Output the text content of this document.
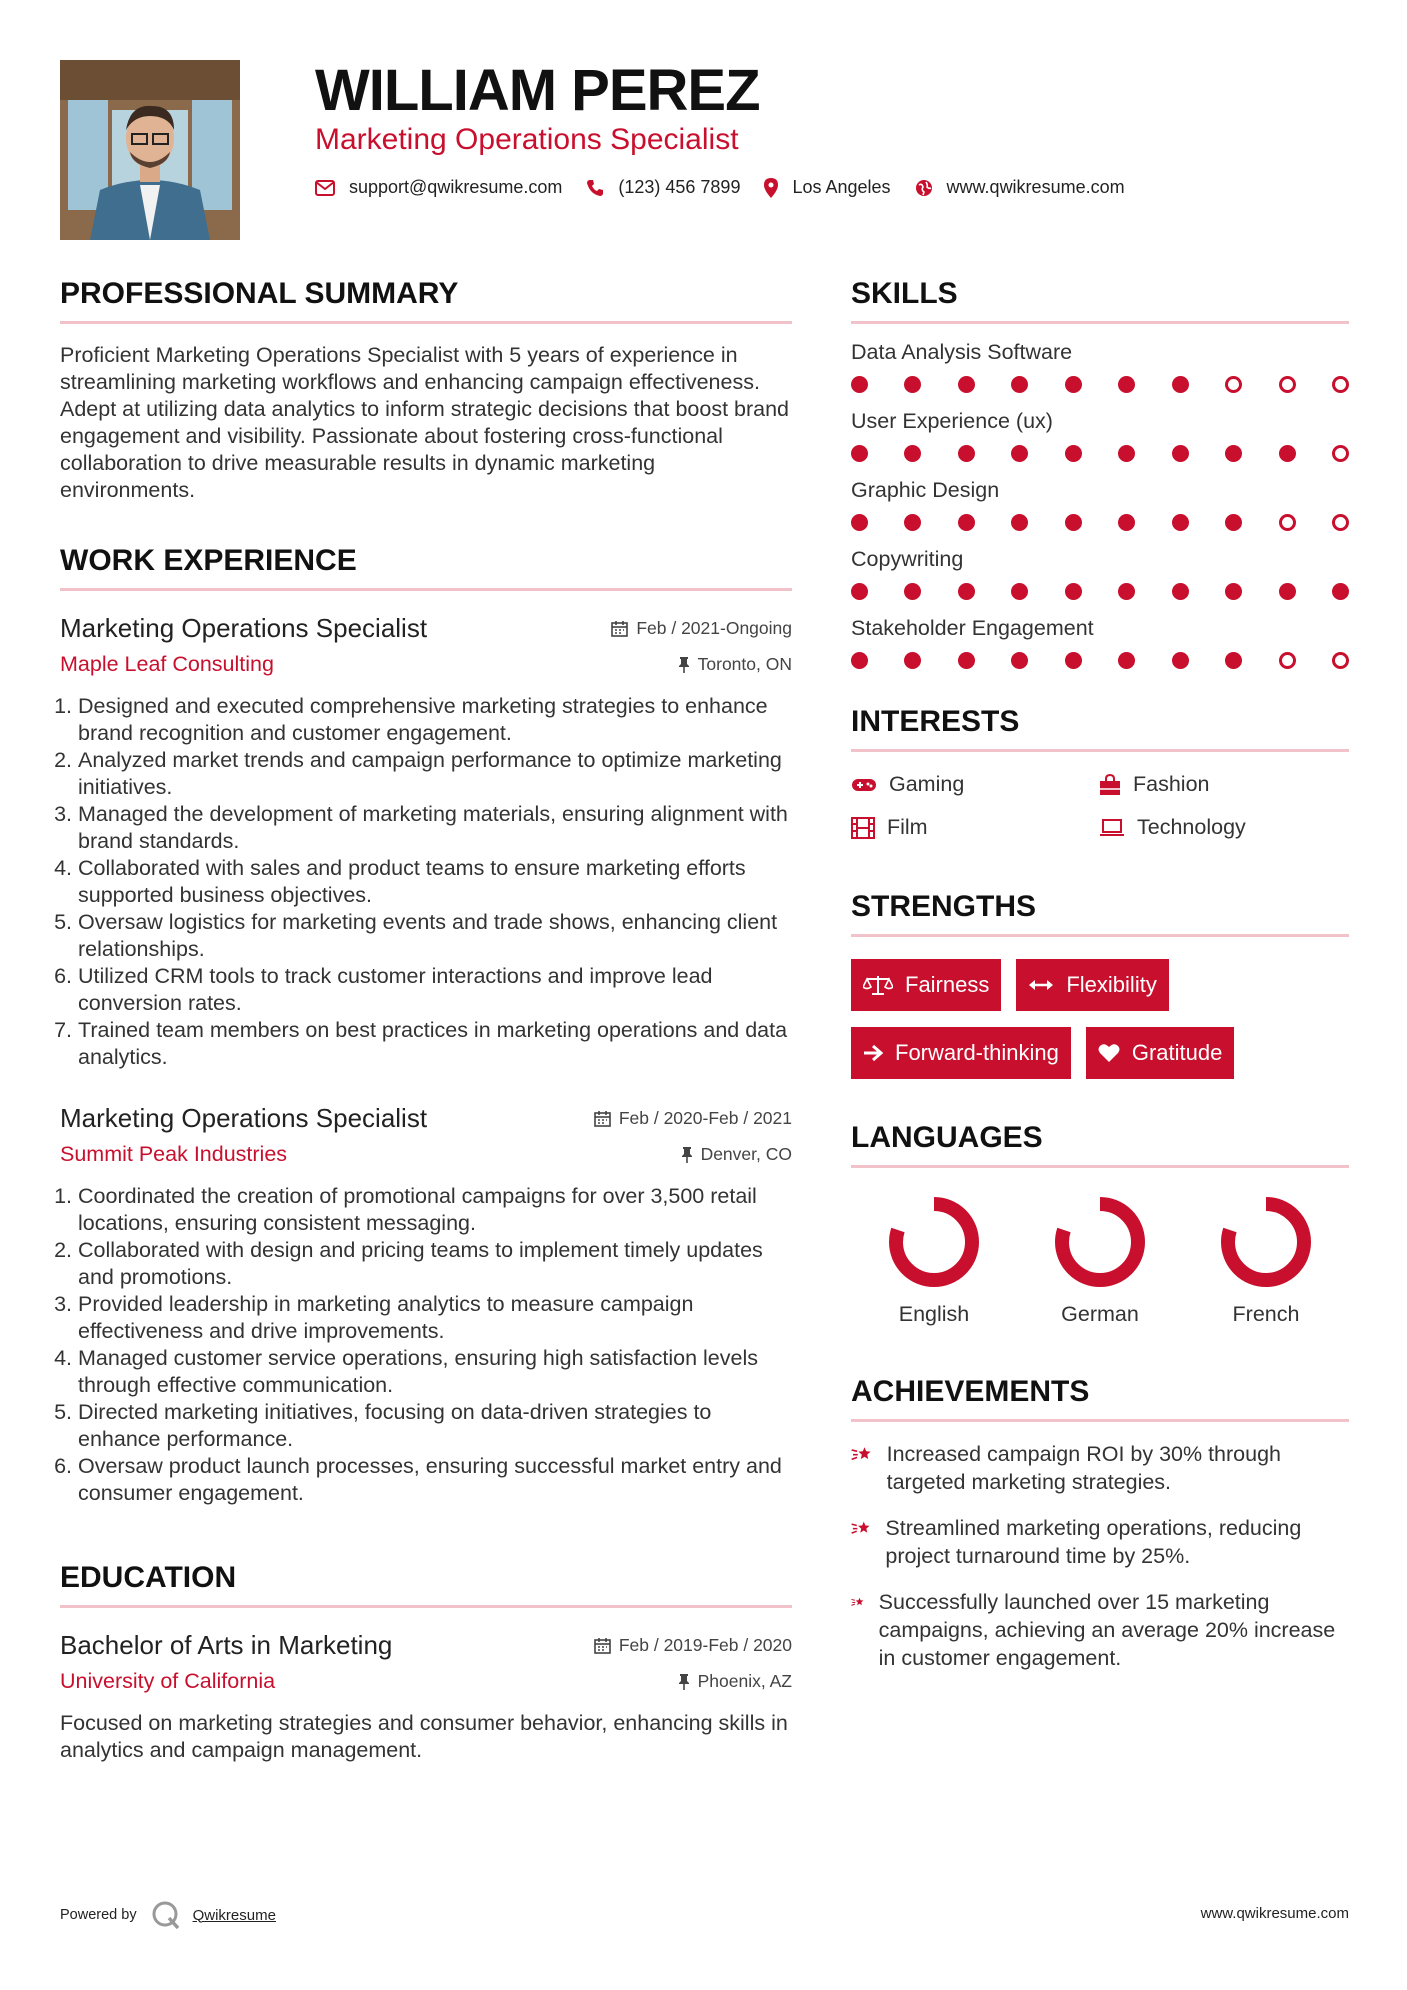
WILLIAM PEREZ
Marketing Operations Specialist
support@qwikresume.com	(123) 456 7899	Los Angeles	www.qwikresume.com
PROFESSIONAL SUMMARY
Proficient Marketing Operations Specialist with 5 years of experience in streamlining marketing workflows and enhancing campaign effectiveness. Adept at utilizing data analytics to inform strategic decisions that boost brand engagement and visibility. Passionate about fostering cross-functional collaboration to drive measurable results in dynamic marketing environments.
WORK EXPERIENCE
Marketing Operations Specialist	Feb / 2021-Ongoing
Maple Leaf Consulting	Toronto, ON
1. Designed and executed comprehensive marketing strategies to enhance brand recognition and customer engagement.
2. Analyzed market trends and campaign performance to optimize marketing initiatives.
3. Managed the development of marketing materials, ensuring alignment with brand standards.
4. Collaborated with sales and product teams to ensure marketing efforts supported business objectives.
5. Oversaw logistics for marketing events and trade shows, enhancing client relationships.
6. Utilized CRM tools to track customer interactions and improve lead conversion rates.
7. Trained team members on best practices in marketing operations and data analytics.
Marketing Operations Specialist	Feb / 2020-Feb / 2021
Summit Peak Industries	Denver, CO
1. Coordinated the creation of promotional campaigns for over 3,500 retail locations, ensuring consistent messaging.
2. Collaborated with design and pricing teams to implement timely updates and promotions.
3. Provided leadership in marketing analytics to measure campaign effectiveness and drive improvements.
4. Managed customer service operations, ensuring high satisfaction levels through effective communication.
5. Directed marketing initiatives, focusing on data-driven strategies to enhance performance.
6. Oversaw product launch processes, ensuring successful market entry and consumer engagement.
EDUCATION
Bachelor of Arts in Marketing	Feb / 2019-Feb / 2020
University of California	Phoenix, AZ
Focused on marketing strategies and consumer behavior, enhancing skills in analytics and campaign management.
SKILLS
Data Analysis Software
User Experience (ux)
Graphic Design
Copywriting
Stakeholder Engagement
INTERESTS
Gaming	Fashion
Film	Technology
STRENGTHS
Fairness	Flexibility
Forward-thinking	Gratitude
LANGUAGES
English	German	French
ACHIEVEMENTS
Increased campaign ROI by 30% through targeted marketing strategies.
Streamlined marketing operations, reducing project turnaround time by 25%.
Successfully launched over 15 marketing campaigns, achieving an average 20% increase in customer engagement.
Powered by	Qwikresume	www.qwikresume.com
